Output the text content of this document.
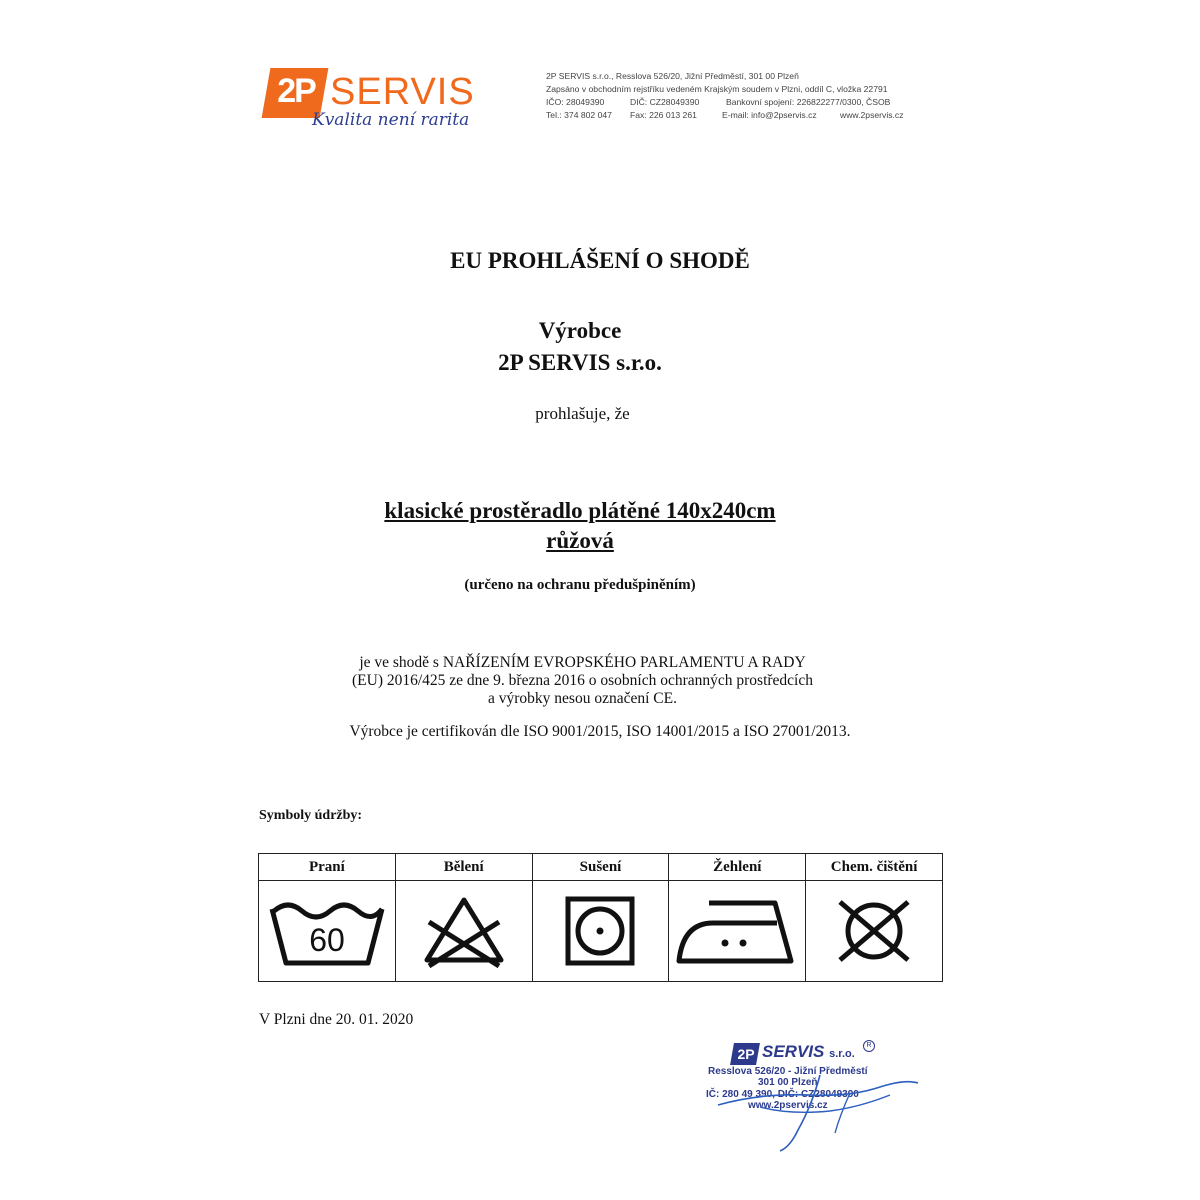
2P SERVIS
Kvalita není rarita
2P SERVIS s.r.o., Resslova 526/20, Jižní Předměstí, 301 00 Plzeň
Zapsáno v obchodním rejstříku vedeném Krajským soudem v Plzni, oddíl C, vložka 22791
IČO: 28049390	DIČ: CZ28049390	Bankovní spojení: 226822277/0300, ČSOB
Tel.: 374 802 047 Fax: 226 013 261	E-mail: info@2pservis.cz	www.2pservis.cz
EU PROHLÁŠENÍ O SHODĚ
Výrobce
2P SERVIS s.r.o.
prohlašuje, že
klasické prostěradlo plátěné 140x240cm
růžová
(určeno na ochranu předušpiněním)
je ve shodě s NAŘÍZENÍM EVROPSKÉHO PARLAMENTU A RADY
(EU) 2016/425 ze dne 9. března 2016 o osobních ochranných prostředcích
a výrobky nesou označení CE.
Výrobce je certifikován dle ISO 9001/2015, ISO 14001/2015 a ISO 27001/2013.
Symboly údržby:
Praní	Bělení	Sušení	Žehlení	Chem. čištění

60

V Plzni dne 20. 01. 2020
2P SERVIS s.r.o.
R
Resslova 526/20 - Jižní Předměstí
301 00 Plzeň
IČ: 280 49 390, DIČ: CZ28049390
www.2pservis.cz
